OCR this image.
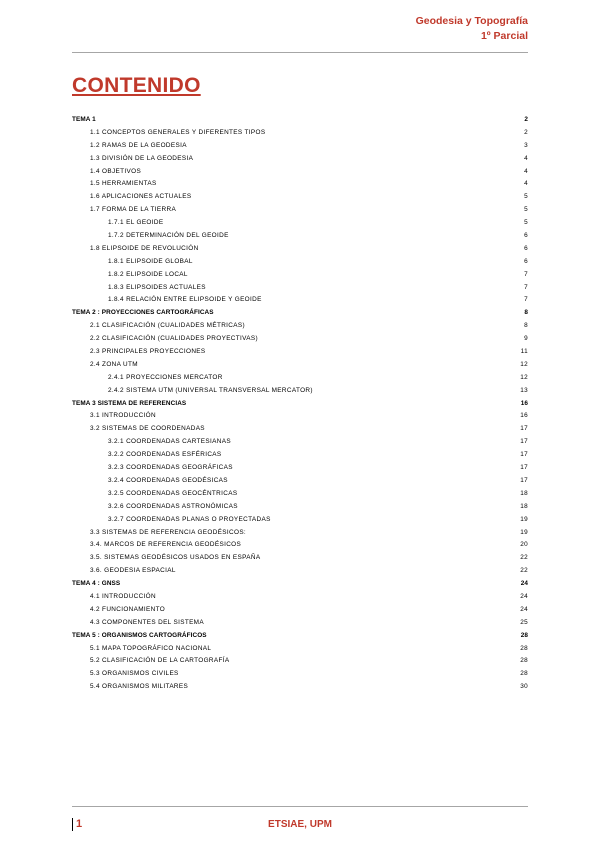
Geodesia y Topografía
1º Parcial
CONTENIDO
TEMA 1	2
1.1 CONCEPTOS GENERALES Y DIFERENTES TIPOS	2
1.2 RAMAS DE LA GEODESIA	3
1.3 DIVISIÓN DE LA GEODESIA	4
1.4 OBJETIVOS	4
1.5 HERRAMIENTAS	4
1.6 APLICACIONES ACTUALES	5
1.7 FORMA DE LA TIERRA	5
1.7.1 EL GEOIDE	5
1.7.2 DETERMINACIÓN DEL GEOIDE	6
1.8 ELIPSOIDE DE REVOLUCIÓN	6
1.8.1 ELIPSOIDE GLOBAL	6
1.8.2 ELIPSOIDE LOCAL	7
1.8.3 ELIPSOIDES ACTUALES	7
1.8.4 RELACIÓN ENTRE ELIPSOIDE Y GEOIDE	7
TEMA 2 : PROYECCIONES CARTOGRÁFICAS	8
2.1 CLASIFICACIÓN (CUALIDADES MÉTRICAS)	8
2.2 CLASIFICACIÓN (CUALIDADES PROYECTIVAS)	9
2.3 PRINCIPALES PROYECCIONES	11
2.4 ZONA UTM	12
2.4.1 PROYECCIONES MERCATOR	12
2.4.2 SISTEMA UTM (UNIVERSAL TRANSVERSAL MERCATOR)	13
TEMA 3 SISTEMA DE REFERENCIAS	16
3.1 INTRODUCCIÓN	16
3.2 SISTEMAS DE COORDENADAS	17
3.2.1 COORDENADAS CARTESIANAS	17
3.2.2 COORDENADAS ESFÉRICAS	17
3.2.3 COORDENADAS GEOGRÁFICAS	17
3.2.4 COORDENADAS GEODÉSICAS	17
3.2.5 COORDENADAS GEOCÉNTRICAS	18
3.2.6 COORDENADAS ASTRONÓMICAS	18
3.2.7 COORDENADAS PLANAS O PROYECTADAS	19
3.3 SISTEMAS DE REFERENCIA GEODÉSICOS:	19
3.4. MARCOS DE REFERENCIA GEODÉSICOS	20
3.5. SISTEMAS GEODÉSICOS USADOS EN ESPAÑA	22
3.6. GEODESIA ESPACIAL	22
TEMA 4 : GNSS	24
4.1 INTRODUCCIÓN	24
4.2 FUNCIONAMIENTO	24
4.3 COMPONENTES DEL SISTEMA	25
TEMA 5 : ORGANISMOS CARTOGRÁFICOS	28
5.1 MAPA TOPOGRÁFICO NACIONAL	28
5.2 CLASIFICACIÓN DE LA CARTOGRAFÍA	28
5.3 ORGANISMOS CIVILES	28
5.4 ORGANISMOS MILITARES	30
1	ETSIAE, UPM
